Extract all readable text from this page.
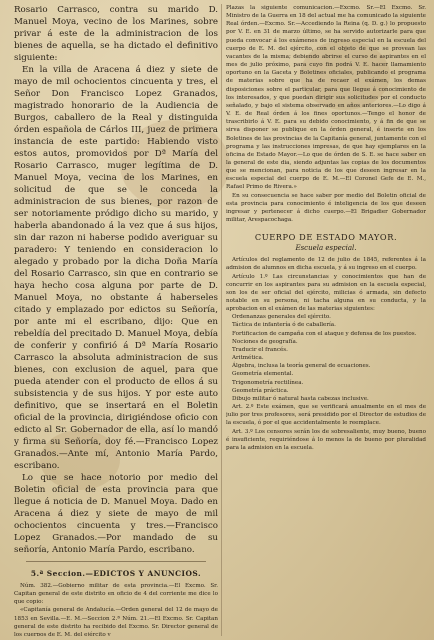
Rosario Carrasco, contra su marido D. Manuel Moya, vecino de los Marines, sobre privar á este de la administracion de los bienes de aquella, se ha dictado el definitivo siguiente:

En la villa de Aracena á diez y siete de mayo de mil ochocientos cincuenta y tres, el Señor Don Francisco Lopez Granados, magistrado honorario de la Audiencia de Burgos, caballero de la Real y distinguida órden española de Cárlos III, juez de primera instancia de este partido: Habiendo visto estos autos, promovidos por Dª María del Rosario Carrasco, muger legítima de D. Manuel Moya, vecina de los Marines, en solicitud de que se le conceda la administracion de sus bienes, por razon de ser notoriamente pródigo dicho su marido, y haberla abandonado á la vez que á sus hijos, sin dar razon ni haberse podido averiguar su paradero: Y teniendo en consideracion lo alegado y probado por la dicha Doña María del Rosario Carrasco, sin que en contrario se haya hecho cosa alguna por parte de D. Manuel Moya, no obstante á haberseles citado y emplazado por edictos su Señoría, por ante mi el escribano, dijo: Que en rebeldía del precitado D. Manuel Moya, debía de conferir y confirió á Dª María Rosario Carrasco la absoluta administracion de sus bienes, con exclusion de aquel, para que pueda atender con el producto de ellos á su subsistencia y de sus hijos. Y por este auto definitivo, que se insertará en el Boletin oficial de la provincia, dirigiéndose oficio con edicto al Sr. Gobernador de ella, así lo mandó y firma su Señoría, doy fé.—Francisco Lopez Granados.—Ante mí, Antonio María Pardo, escribano.

Lo que se hace notorio por medio del Boletin oficial de esta provincia para que llegue á noticia de D. Manuel Moya. Dado en Aracena á diez y siete de mayo de mil ochocientos cincuenta y tres.—Francisco Lopez Granados.—Por mandado de su señoría, Antonio María Pardo, escribano.

5.ª Seccion.—EDICTOS Y ANUNCIOS.

Núm. 382.—Gobierno militar de esta provincia.—El Excmo. Sr. Capitan general de este distrito en oficio de 4 del corriente me dice lo que copio:

«Capitanía general de Andalucía.—Orden general del 12 de mayo de 1853 en Sevilla.—E. M.—Seccion 2.ª Núm. 21.—El Excmo. Sr. Capitan general de este distrito ha recibido del Excmo. Sr. Director general de los cuerpos de E. M. del ejército y

Plazas la siguiente comunicacion.—Excmo. Sr.—El Excmo. Sr. Ministro de la Guerra en 18 del actual me ha comunicado la siguiente Real órden.—Excmo. Sr.—Accediendo la Reina (q. D. g.) lo propuesto por V. E. en 31 de marzo último, se ha servido autorizarle para que pueda convocar á los exámenes de ingreso especial en la escuela del cuerpo de E. M. del ejército, con el objeto de que se provean las vacantes de la misma; debiendo abrirse el curso de aspirantes en el mes de julio próximo, para cuyo fin podrá V. E. hacer llamamiento oportuno en la Gaceta y Boletines oficiales, publicando el programa de materias sobre que ha de recaer el exámen, los demas disposiciones sobre el particular, para que llegue á conocimiento de los interesados, y que puedan dirigir sus solicitudes por el conducto señalado, y bajo el sistema observado en años anteriores.—Lo digo á V. E. de Real órden á los fines oportunos.—Tengo el honor de trascribirlo á V. E. para su debido conocimiento, y á fin de que se sirva disponer se publique en la órden general, é inserte en los Boletines de las provincias de la Capitanía general, juntamente con el programa y las instrucciones impresas, de que hay ejemplares en la oficina de Estado Mayor.—Lo que de órden de S. E. se hace saber en la general de este dia, siendo adjuntas las copias de los documentos que se mencionan, para noticia de los que deseen ingresar en la escuela especial del cuerpo de E. M.—El Coronel Gefe de E. M., Rafael Primo de Rivera.»

En su consecuencia se hace saber por medio del Boletin oficial de esta provincia para conocimiento é inteligencia de los que deseen ingresar y pertenecer á dicho cuerpo.—El Brigadier Gobernador militar, Arespacochaga.

CUERPO DE ESTADO MAYOR.
Escuela especial.

Artículos del reglamento de 12 de julio de 1845, referentes á la admision de alumnos en dicha escuela, y á su ingreso en el cuerpo.

Artículo 1.º Las circunstancias y conocimientos que han de concurrir en los aspirantes para su admision en la escuela especial, son los de ser oficial del ejército, milicias ó armada, sin defecto notable en su persona, ni tacha alguna en su conducta, y la aprobacion en el exámen de las materias siguientes:

Ordenanzas generales del ejército.

Táctica de infantería ó de caballería.

Fortificacion de campaña con el ataque y defensa de los puestos.

Nociones de geografía.

Traducir el francés.

Aritmética.

Álgebra, inclusa la teoría general de ecuaciones.

Geometría elemental.

Trigonometría rectilínea.

Geometría práctica.

Dibujo militar ó natural hasta cabezas inclusive.

Art. 2.º Este exámen, que se verificará anualmente en el mes de julio por tres profesores, será presidido por el Director de estudios de la escuela, ó por el que accidentalmente le reemplace.

Art. 3.º Los censores serán los de sobresaliente, muy bueno, bueno é insuficiente, requiriéndose á lo menos la de bueno por pluralidad para la admision en la escuela.
